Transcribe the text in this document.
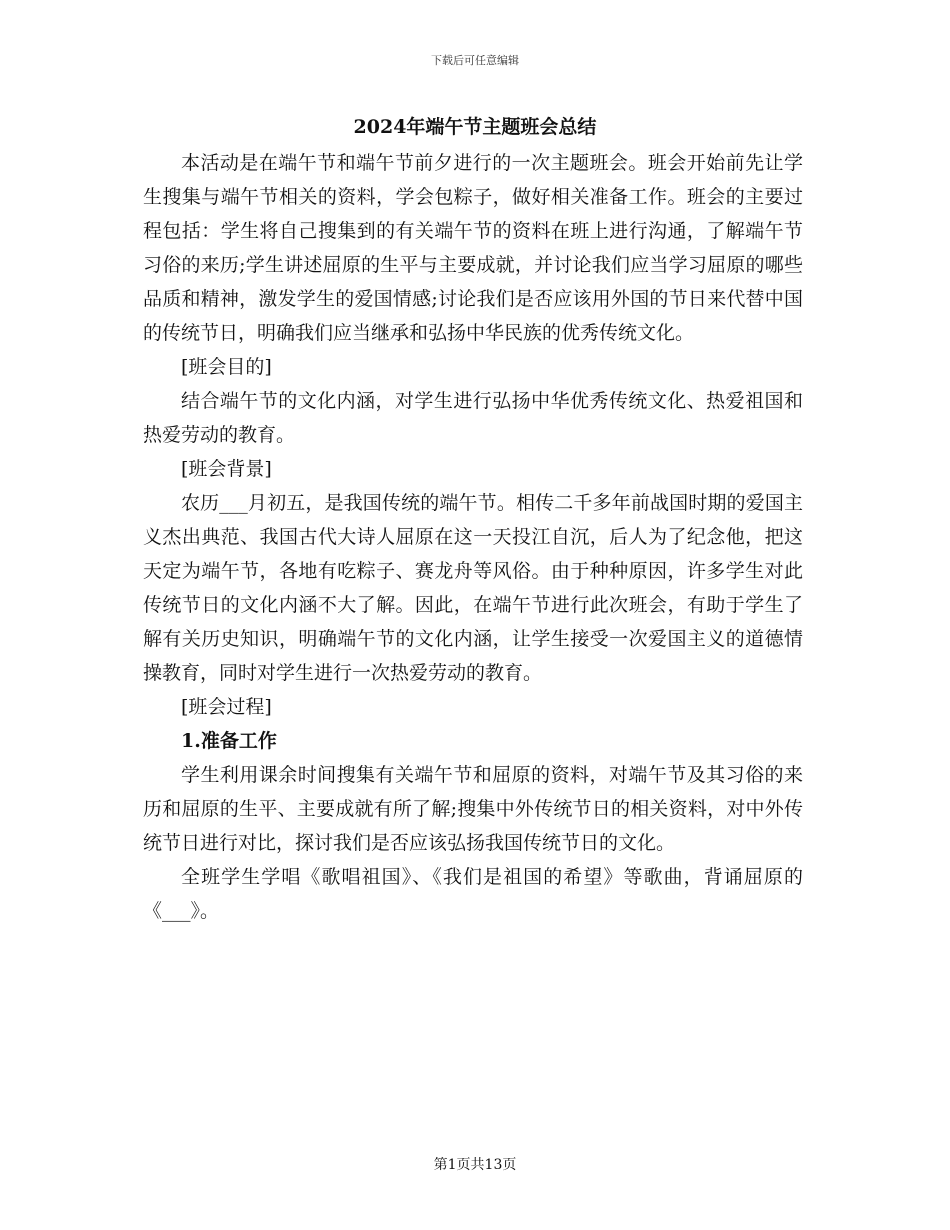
下载后可任意编辑
2024年端午节主题班会总结

本活动是在端午节和端午节前夕进行的一次主题班会。班会开始前先让学生搜集与端午节相关的资料，学会包粽子，做好相关准备工作。班会的主要过程包括：学生将自己搜集到的有关端午节的资料在班上进行沟通，了解端午节习俗的来历;学生讲述屈原的生平与主要成就，并讨论我们应当学习屈原的哪些品质和精神，激发学生的爱国情感;讨论我们是否应该用外国的节日来代替中国的传统节日，明确我们应当继承和弘扬中华民族的优秀传统文化。

[班会目的]

结合端午节的文化内涵，对学生进行弘扬中华优秀传统文化、热爱祖国和热爱劳动的教育。

[班会背景]

农历___月初五，是我国传统的端午节。相传二千多年前战国时期的爱国主义杰出典范、我国古代大诗人屈原在这一天投江自沉，后人为了纪念他，把这天定为端午节，各地有吃粽子、赛龙舟等风俗。由于种种原因，许多学生对此传统节日的文化内涵不大了解。因此，在端午节进行此次班会，有助于学生了解有关历史知识，明确端午节的文化内涵，让学生接受一次爱国主义的道德情操教育，同时对学生进行一次热爱劳动的教育。

[班会过程]

1.准备工作

学生利用课余时间搜集有关端午节和屈原的资料，对端午节及其习俗的来历和屈原的生平、主要成就有所了解;搜集中外传统节日的相关资料，对中外传统节日进行对比，探讨我们是否应该弘扬我国传统节日的文化。

全班学生学唱《歌唱祖国》、《我们是祖国的希望》等歌曲，背诵屈原的《___》。

第1页共13页
